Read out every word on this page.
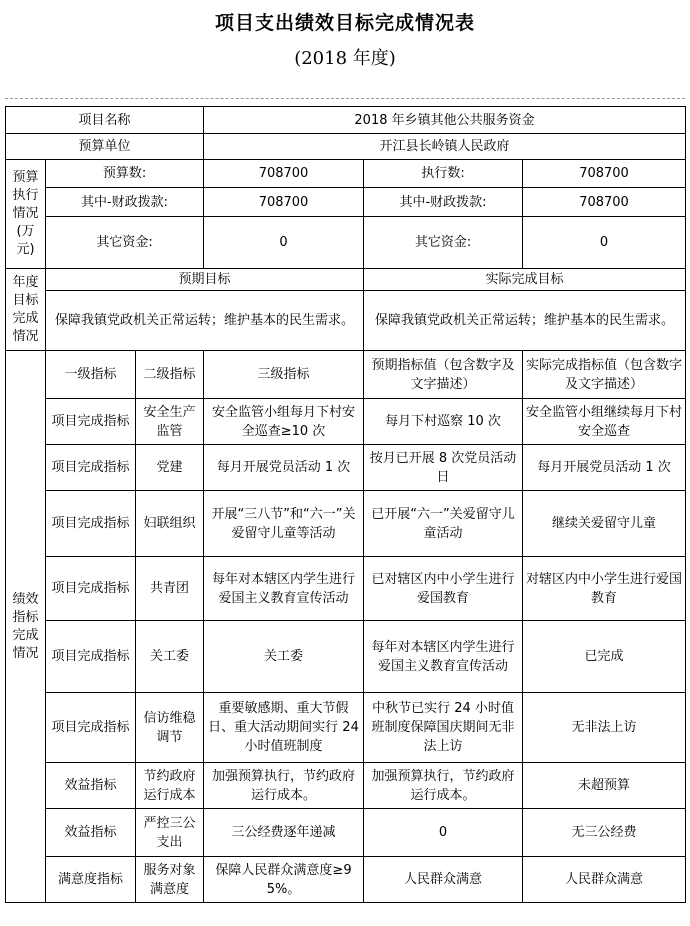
项目支出绩效目标完成情况表
(2018 年度)
项目名称			2018 年乡镇其他公共服务资金		
预算单位			开江县长岭镇人民政府		
预算执行情况(万元)	预算数:		708700	执行数:	708700
	其中-财政拨款:		708700	其中-财政拨款:	708700
	其它资金:		0	其它资金:	0
年度目标完成情况	预期目标			实际完成目标	
	保障我镇党政机关正常运转；维护基本的民生需求。			保障我镇党政机关正常运转；维护基本的民生需求。	
绩效指标完成情况	一级指标	二级指标	三级指标	预期指标值（包含数字及文字描述）	实际完成指标值（包含数字及文字描述）
	项目完成指标	安全生产监管	安全监管小组每月下村安全巡查≥10 次	每月下村巡察 10 次	安全监管小组继续每月下村安全巡查
	项目完成指标	党建	每月开展党员活动 1 次	按月已开展 8 次党员活动日	每月开展党员活动 1 次
	项目完成指标	妇联组织	开展“三八节”和“六一”关爱留守儿童等活动	已开展“六一”关爱留守儿童活动	继续关爱留守儿童
	项目完成指标	共青团	每年对本辖区内学生进行爱国主义教育宣传活动	已对辖区内中小学生进行爱国教育	对辖区内中小学生进行爱国教育
	项目完成指标	关工委	关工委	每年对本辖区内学生进行爱国主义教育宣传活动	已完成
	项目完成指标	信访维稳调节	重要敏感期、重大节假日、重大活动期间实行 24 小时值班制度	中秋节已实行 24 小时值班制度保障国庆期间无非法上访	无非法上访
	效益指标	节约政府运行成本	加强预算执行，节约政府运行成本。	加强预算执行，节约政府运行成本。	未超预算
	效益指标	严控三公支出	三公经费逐年递减	0	无三公经费
	满意度指标	服务对象满意度	保障人民群众满意度≥95%。	人民群众满意	人民群众满意
